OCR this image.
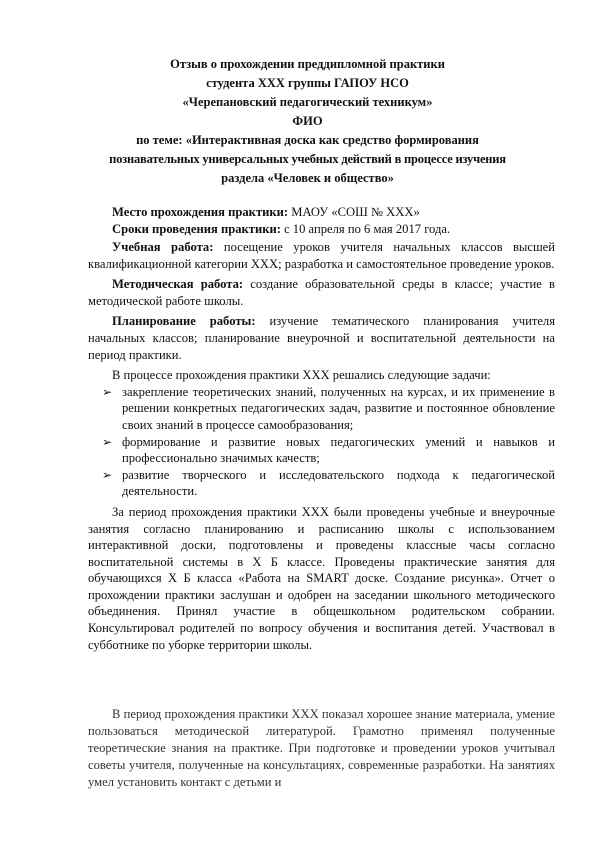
Отзыв о прохождении преддипломной практики

студента ХХХ группы ГАПОУ НСО

«Черепановский педагогический техникум»

ФИО

по теме: «Интерактивная доска как средство формирования

познавательных универсальных учебных действий в процессе изучения

раздела «Человек и общество»

Место прохождения практики: МАОУ «СОШ № ХХХ»

Сроки проведения практики: с 10 апреля по 6 мая 2017 года.

Учебная работа: посещение уроков учителя начальных классов высшей квалификационной категории ХХХ; разработка и самостоятельное проведение уроков.

Методическая работа: создание образовательной среды в классе; участие в методической работе школы.

Планирование работы: изучение тематического планирования учителя начальных классов; планирование внеурочной и воспитательной деятельности на период практики.

В процессе прохождения практики ХХХ решались следующие задачи:

➢ закрепление теоретических знаний, полученных на курсах, и их применение в решении конкретных педагогических задач, развитие и постоянное обновление своих знаний в процессе самообразования;
➢ формирование и развитие новых педагогических умений и навыков и профессионально значимых качеств;
➢ развитие творческого и исследовательского подхода к педагогической деятельности.

За период прохождения практики ХХХ были проведены учебные и внеурочные занятия согласно планированию и расписанию школы с использованием интерактивной доски, подготовлены и проведены классные часы согласно воспитательной системы в Х Б классе. Проведены практические занятия для обучающихся Х Б класса «Работа на SMART доске. Создание рисунка». Отчет о прохождении практики заслушан и одобрен на заседании школьного методического объединения. Принял участие в общешкольном родительском собрании. Консультировал родителей по вопросу обучения и воспитания детей. Участвовал в субботнике по уборке территории школы.

В период прохождения практики ХХХ показал хорошее знание материала, умение пользоваться методической литературой. Грамотно применял полученные теоретические знания на практике. При подготовке и проведении уроков учитывал советы учителя, полученные на консультациях, современные разработки. На занятиях умел установить контакт с детьми и
